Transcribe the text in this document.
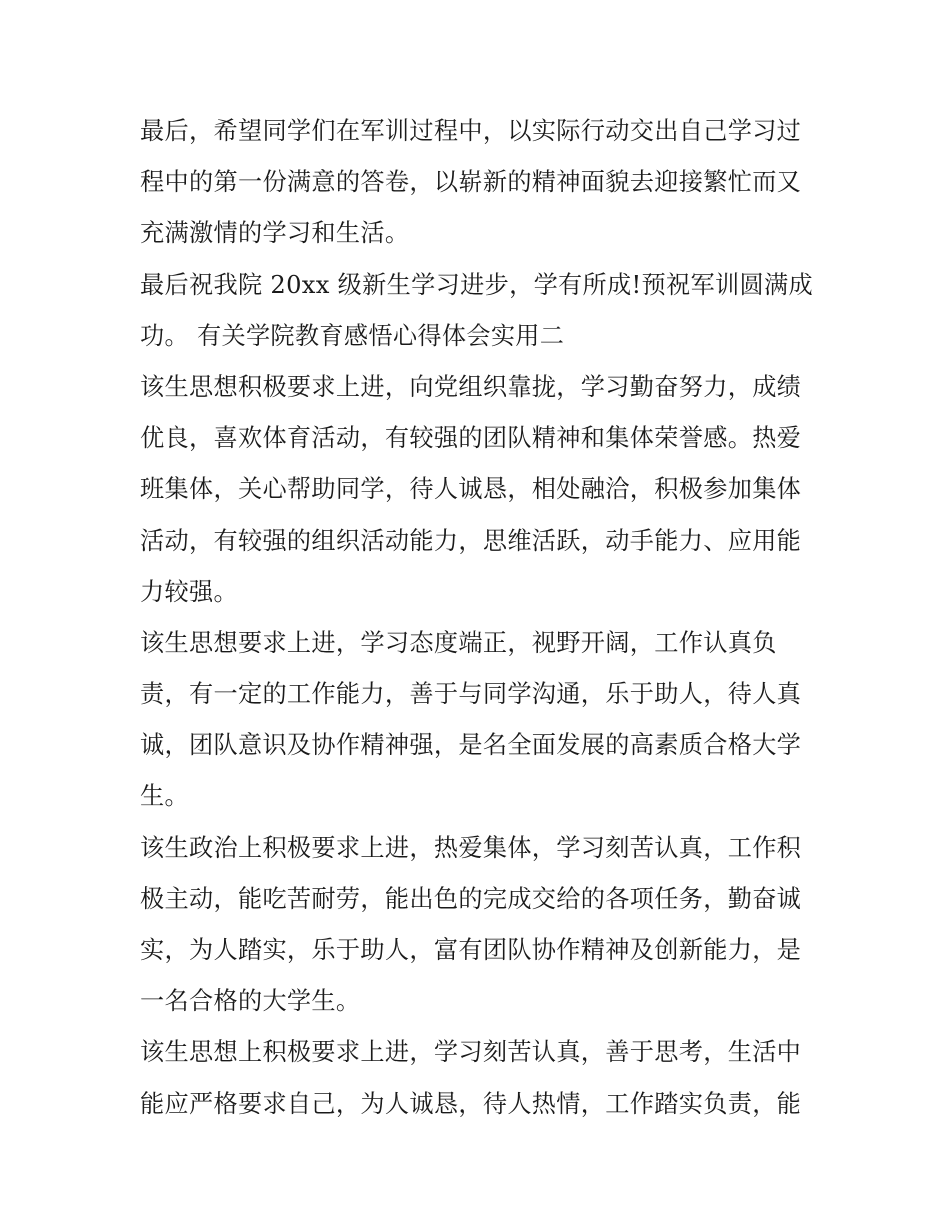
最后，希望同学们在军训过程中，以实际行动交出自己学习过
程中的第一份满意的答卷，以崭新的精神面貌去迎接繁忙而又
充满激情的学习和生活。
最后祝我院 20xx 级新生学习进步，学有所成!预祝军训圆满成
功。 有关学院教育感悟心得体会实用二
该生思想积极要求上进，向党组织靠拢，学习勤奋努力，成绩
优良，喜欢体育活动，有较强的团队精神和集体荣誉感。热爱
班集体，关心帮助同学，待人诚恳，相处融洽，积极参加集体
活动，有较强的组织活动能力，思维活跃，动手能力、应用能
力较强。
该生思想要求上进，学习态度端正，视野开阔，工作认真负
责，有一定的工作能力，善于与同学沟通，乐于助人，待人真
诚，团队意识及协作精神强，是名全面发展的高素质合格大学
生。
该生政治上积极要求上进，热爱集体，学习刻苦认真，工作积
极主动，能吃苦耐劳，能出色的完成交给的各项任务，勤奋诚
实，为人踏实，乐于助人，富有团队协作精神及创新能力，是
一名合格的大学生。
该生思想上积极要求上进，学习刻苦认真，善于思考，生活中
能应严格要求自己，为人诚恳，待人热情，工作踏实负责，能
